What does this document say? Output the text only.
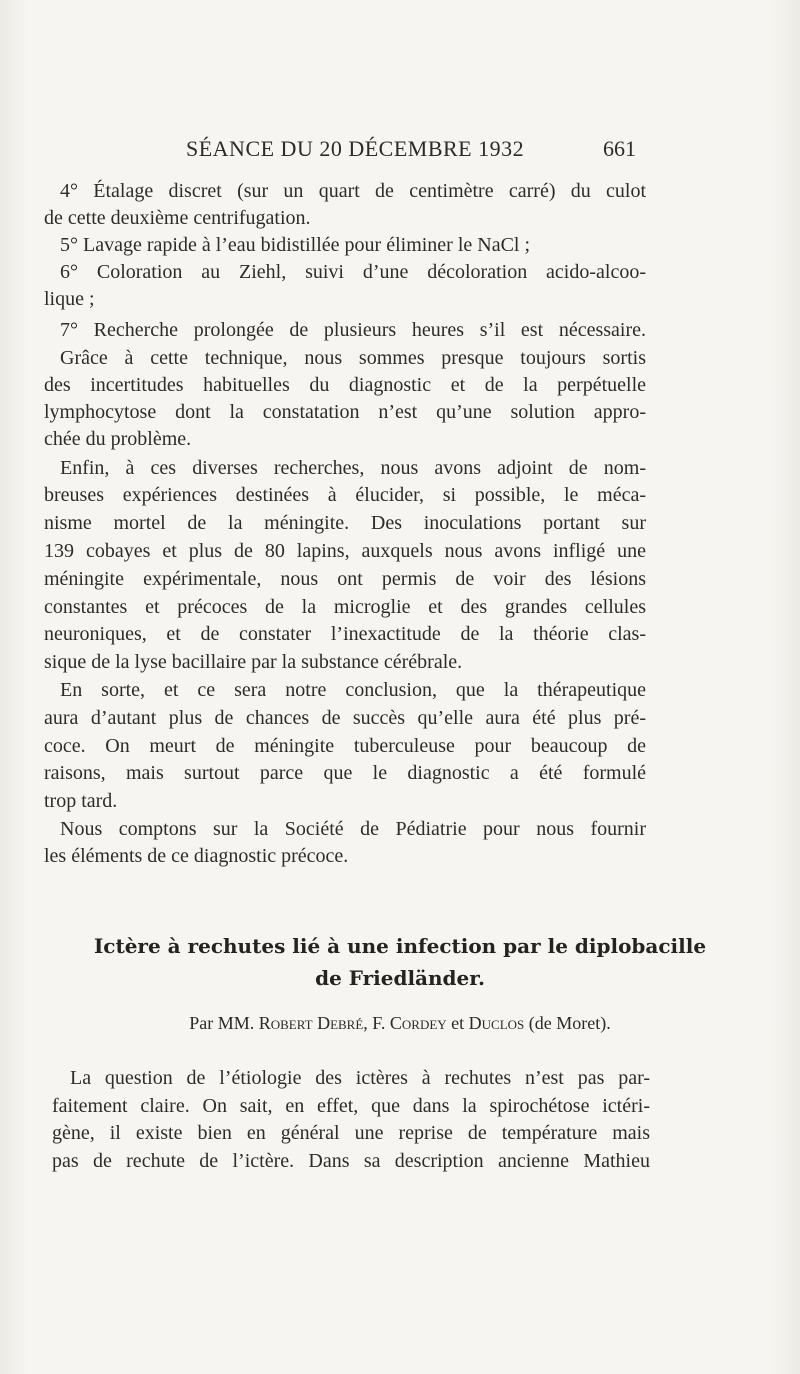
SÉANCE DU 20 DÉCEMBRE 1932	661
4° Étalage discret (sur un quart de centimètre carré) du culot
de cette deuxième centrifugation.
5° Lavage rapide à l’eau bidistillée pour éliminer le NaCl ;
6° Coloration au Ziehl, suivi d’une décoloration acido-alcoo-
lique ;
7° Recherche prolongée de plusieurs heures s’il est nécessaire.
Grâce à cette technique, nous sommes presque toujours sortis
des incertitudes habituelles du diagnostic et de la perpétuelle
lymphocytose dont la constatation n’est qu’une solution appro-
chée du problème.
Enfin, à ces diverses recherches, nous avons adjoint de nom-
breuses expériences destinées à élucider, si possible, le méca-
nisme mortel de la méningite. Des inoculations portant sur
139 cobayes et plus de 80 lapins, auxquels nous avons infligé une
méningite expérimentale, nous ont permis de voir des lésions
constantes et précoces de la microglie et des grandes cellules
neuroniques, et de constater l’inexactitude de la théorie clas-
sique de la lyse bacillaire par la substance cérébrale.
En sorte, et ce sera notre conclusion, que la thérapeutique
aura d’autant plus de chances de succès qu’elle aura été plus pré-
coce. On meurt de méningite tuberculeuse pour beaucoup de
raisons, mais surtout parce que le diagnostic a été formulé
trop tard.
Nous comptons sur la Société de Pédiatrie pour nous fournir
les éléments de ce diagnostic précoce.
Ictère à rechutes lié à une infection par le diplobacille
de Friedländer.
Par MM. Robert Debré, F. Cordey et Duclos (de Moret).
La question de l’étiologie des ictères à rechutes n’est pas par-
faitement claire. On sait, en effet, que dans la spirochétose ictéri-
gène, il existe bien en général une reprise de température mais
pas de rechute de l’ictère. Dans sa description ancienne Mathieu
